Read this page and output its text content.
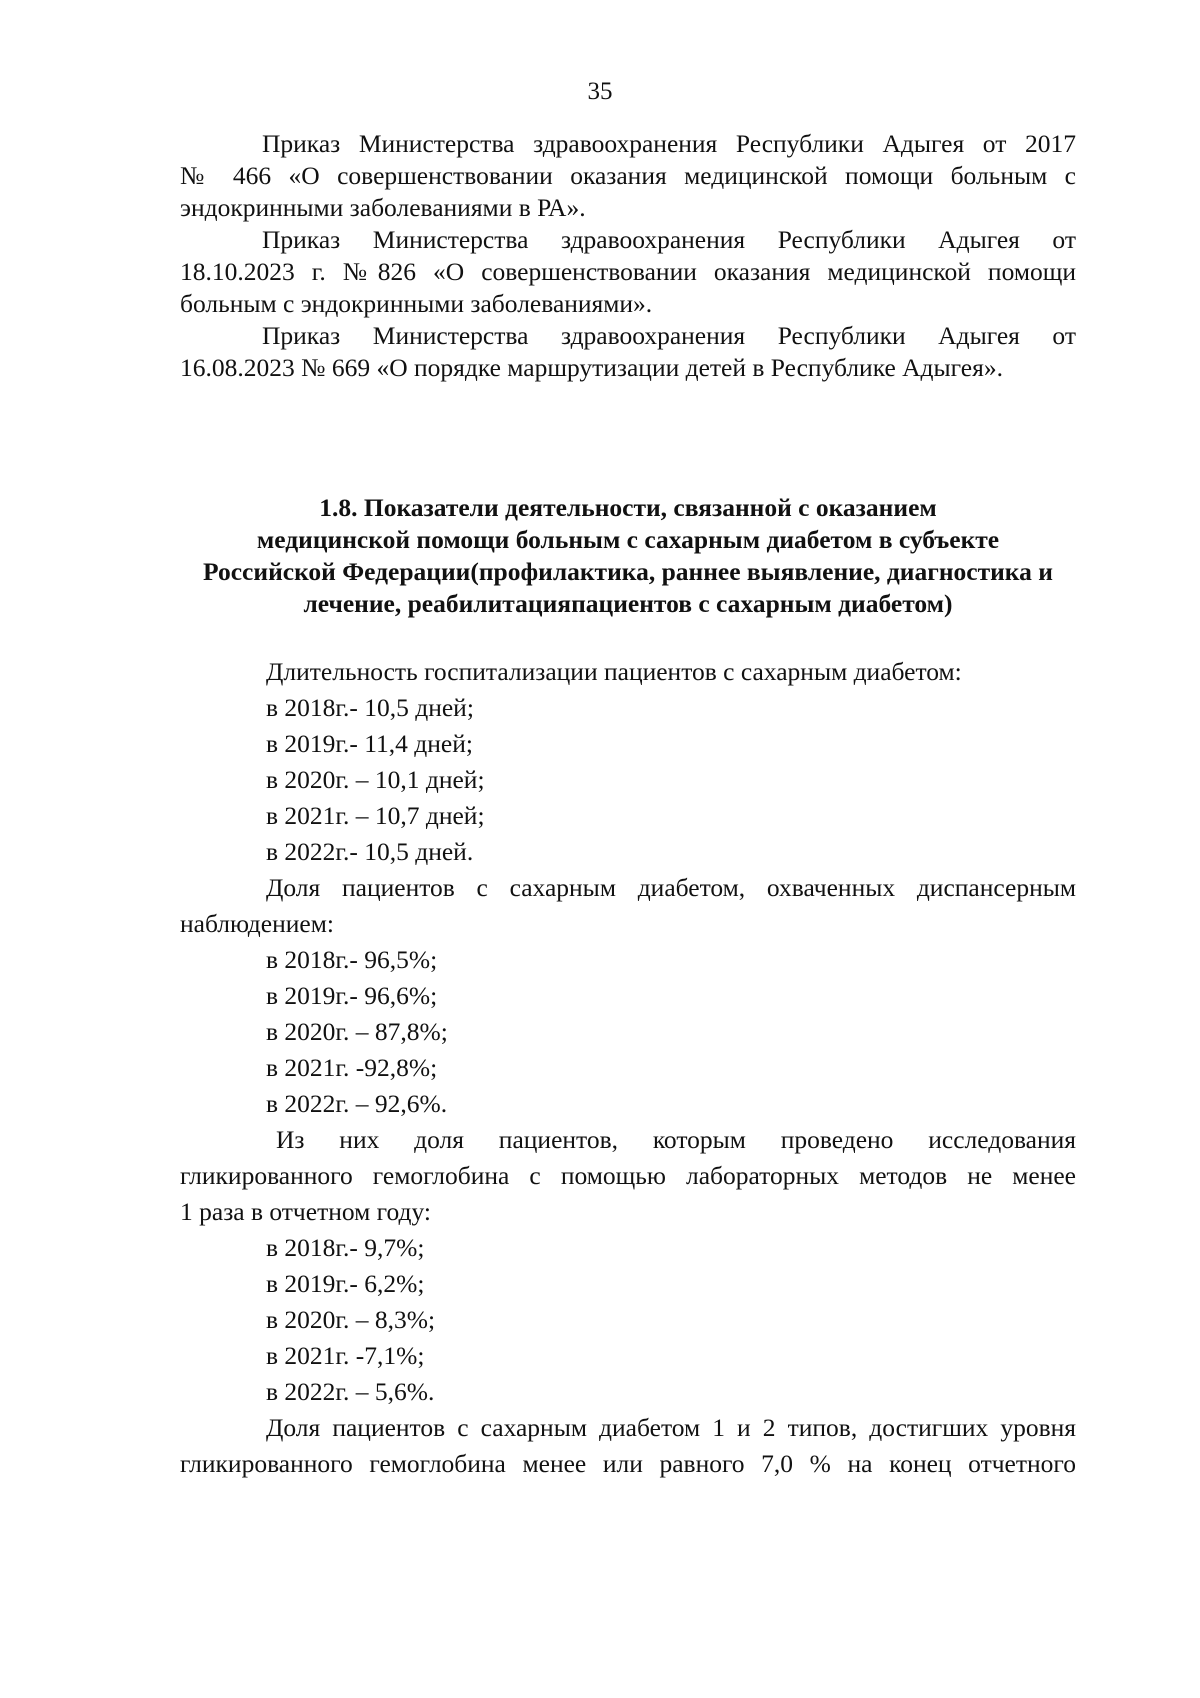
35
Приказ Министерства здравоохранения Республики Адыгея от 2017
№ 466 «О совершенствовании оказания медицинской помощи больным с
эндокринными заболеваниями в РА».
Приказ Министерства здравоохранения Республики Адыгея от
18.10.2023 г. №826 «О совершенствовании оказания медицинской помощи
больным с эндокринными заболеваниями».
Приказ Министерства здравоохранения Республики Адыгея от
16.08.2023 № 669 «О порядке маршрутизации детей в Республике Адыгея».
1.8. Показатели деятельности, связанной с оказанием
медицинской помощи больным с сахарным диабетом в субъекте
Российской Федерации(профилактика, раннее выявление, диагностика и
лечение, реабилитацияпациентов с сахарным диабетом)
Длительность госпитализации пациентов с сахарным диабетом:
в 2018г.- 10,5 дней;
в 2019г.- 11,4 дней;
в 2020г. – 10,1 дней;
в 2021г. – 10,7 дней;
в 2022г.- 10,5 дней.
Доля пациентов с сахарным диабетом, охваченных диспансерным
наблюдением:
в 2018г.- 96,5%;
в 2019г.- 96,6%;
в 2020г. – 87,8%;
в 2021г. -92,8%;
в 2022г. – 92,6%.
Из них доля пациентов, которым проведено исследования
гликированного гемоглобина с помощью лабораторных методов не менее
1 раза в отчетном году:
в 2018г.- 9,7%;
в 2019г.- 6,2%;
в 2020г. – 8,3%;
в 2021г. -7,1%;
в 2022г. – 5,6%.
Доля пациентов с сахарным диабетом 1 и 2 типов, достигших уровня
гликированного гемоглобина менее или равного 7,0 % на конец отчетного
